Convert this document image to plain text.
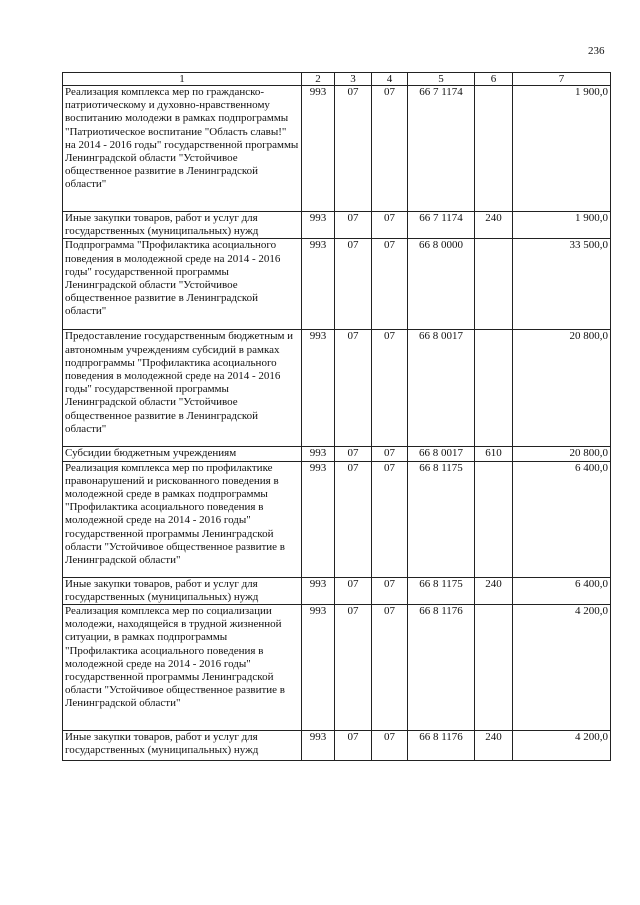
236
1	2	3	4	5	6	7
Реализация комплекса мер по гражданско-патриотическому и духовно-нравственному воспитанию молодежи в рамках подпрограммы "Патриотическое воспитание "Область славы!" на 2014 - 2016 годы" государственной программы Ленинградской области "Устойчивое общественное развитие в Ленинградской области"	993	07	07	66 7 1174		1 900,0
Иные закупки товаров, работ и услуг для государственных (муниципальных) нужд	993	07	07	66 7 1174	240	1 900,0
Подпрограмма "Профилактика асоциального поведения в молодежной среде на 2014 - 2016 годы" государственной программы Ленинградской области "Устойчивое общественное развитие в Ленинградской области"	993	07	07	66 8 0000		33 500,0
Предоставление государственным бюджетным и автономным учреждениям субсидий в рамках подпрограммы "Профилактика асоциального поведения в молодежной среде на 2014 - 2016 годы" государственной программы Ленинградской области "Устойчивое общественное развитие в Ленинградской области"	993	07	07	66 8 0017		20 800,0
Субсидии бюджетным учреждениям	993	07	07	66 8 0017	610	20 800,0
Реализация комплекса мер по профилактике правонарушений и рискованного поведения в молодежной среде в рамках подпрограммы "Профилактика асоциального поведения в молодежной среде на 2014 - 2016 годы" государственной программы Ленинградской области "Устойчивое общественное развитие в Ленинградской области"	993	07	07	66 8 1175		6 400,0
Иные закупки товаров, работ и услуг для государственных (муниципальных) нужд	993	07	07	66 8 1175	240	6 400,0
Реализация комплекса мер по социализации молодежи, находящейся в трудной жизненной ситуации, в рамках подпрограммы "Профилактика асоциального поведения в молодежной среде на 2014 - 2016 годы" государственной программы Ленинградской области "Устойчивое общественное развитие в Ленинградской области"	993	07	07	66 8 1176		4 200,0
Иные закупки товаров, работ и услуг для государственных (муниципальных) нужд	993	07	07	66 8 1176	240	4 200,0
